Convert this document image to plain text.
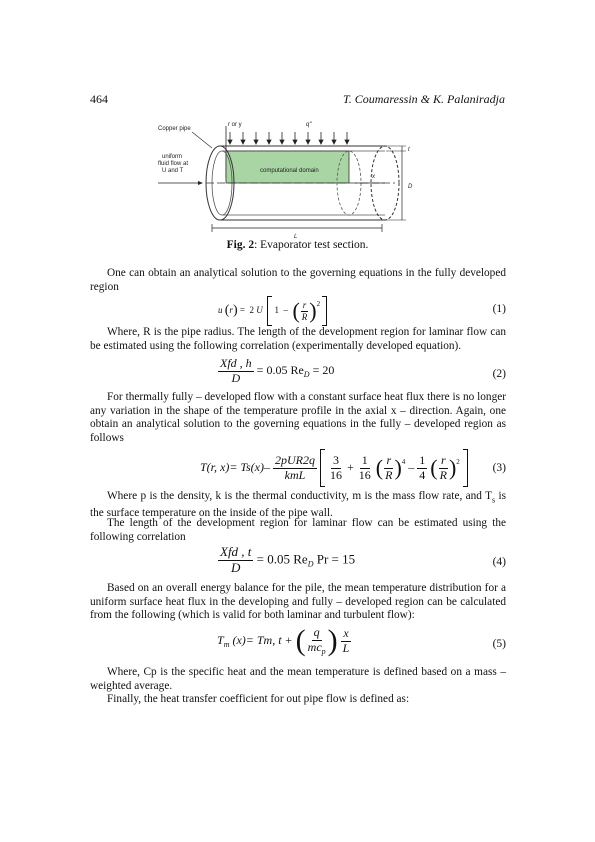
464	T. Coumaressin & K. Palaniradja
Copper pipe
uniform
fluid flow at
U and T
r or y	q''
computational domain
x
t
D
L
Fig. 2: Evaporator test section.
One can obtain an analytical solution to the governing equations in the fully developed region
u (r) = 2 U 1 – ( $\frac{r}{R} )^2$	(1)
Where, R is the pipe radius. The length of the development region for laminar flow can be estimated using the following correlation (experimentally developed equation).
$\frac{\text{Xfd , h}}{D} = 0.05$ $Re_D = 20$	(2)
For thermally fully – developed flow with a constant surface heat flux there is no longer any variation in the shape of the temperature profile in the axial x – direction. Again, one obtain an analytical solution to the governing equations in the fully – developed region as follows
T(r, $x)= Ts(x)- \frac{\text{2pUR2q}}{\text{kmL}}$
$\frac{3}{16} + \frac{1}{16}$ ( $\frac{r}{R} )^4 - \frac{1}{4}$ ( $\frac{r}{R} )^2$
(3)
Where p is the density, k is the thermal conductivity, m is the mass flow rate, and $T_s$ is the surface temperature on the inside of the pipe wall.
The length of the development region for laminar flow can be estimated using the following correlation
$\frac{\text{Xfd , t}}{D} = 0.05$ $Re_D$ Pr = 15	(4)
Based on an overall energy balance for the pile, the mean temperature distribution for a uniform surface heat flux in the developing and fully – developed region can be calculated from the following (which is valid for both laminar and turbulent flow):
$T_m$ (x)= Tm, t + ( $\frac{q}{mc_p}$ ) $\frac{x}{L}$	(5)
Where, Cp is the specific heat and the mean temperature is defined based on a mass – weighted average.
Finally, the heat transfer coefficient for out pipe flow is defined as:
